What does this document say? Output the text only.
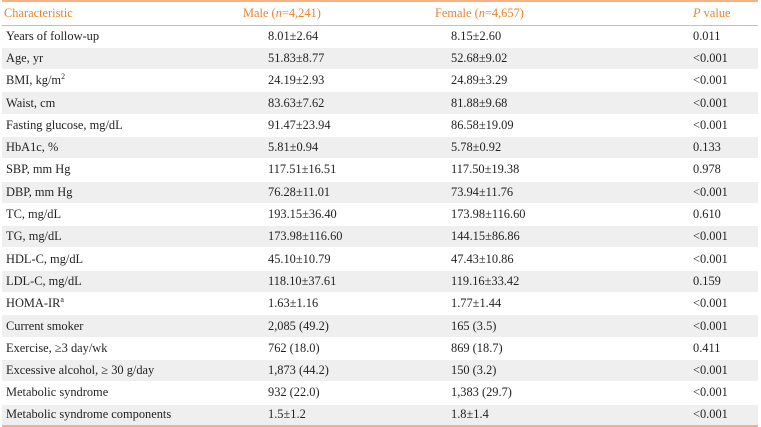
Characteristic	Male (n=4,241)	Female (n=4,657)	P value
Years of follow-up	8.01±2.64	8.15±2.60	0.011
Age, yr	51.83±8.77	52.68±9.02	<0.001
BMI, $kg/m^2$	24.19±2.93	24.89±3.29	<0.001
Waist, cm	83.63±7.62	81.88±9.68	<0.001
Fasting glucose, mg/dL	91.47±23.94	86.58±19.09	<0.001
HbA1c, %	5.81±0.94	5.78±0.92	0.133
SBP, mm Hg	117.51±16.51	117.50±19.38	0.978
DBP, mm Hg	76.28±11.01	73.94±11.76	<0.001
TC, mg/dL	193.15±36.40	173.98±116.60	0.610
TG, mg/dL	173.98±116.60	144.15±86.86	<0.001
HDL-C, mg/dL	45.10±10.79	47.43±10.86	<0.001
LDL-C, mg/dL	118.10±37.61	119.16±33.42	0.159
HOMA-$IR^a$	1.63±1.16	1.77±1.44	<0.001
Current smoker	2,085 (49.2)	165 (3.5)	<0.001
Exercise, ≥3 day/wk	762 (18.0)	869 (18.7)	0.411
Excessive alcohol, ≥ 30 g/day	1,873 (44.2)	150 (3.2)	<0.001
Metabolic syndrome	932 (22.0)	1,383 (29.7)	<0.001
Metabolic syndrome components	1.5±1.2	1.8±1.4	<0.001
